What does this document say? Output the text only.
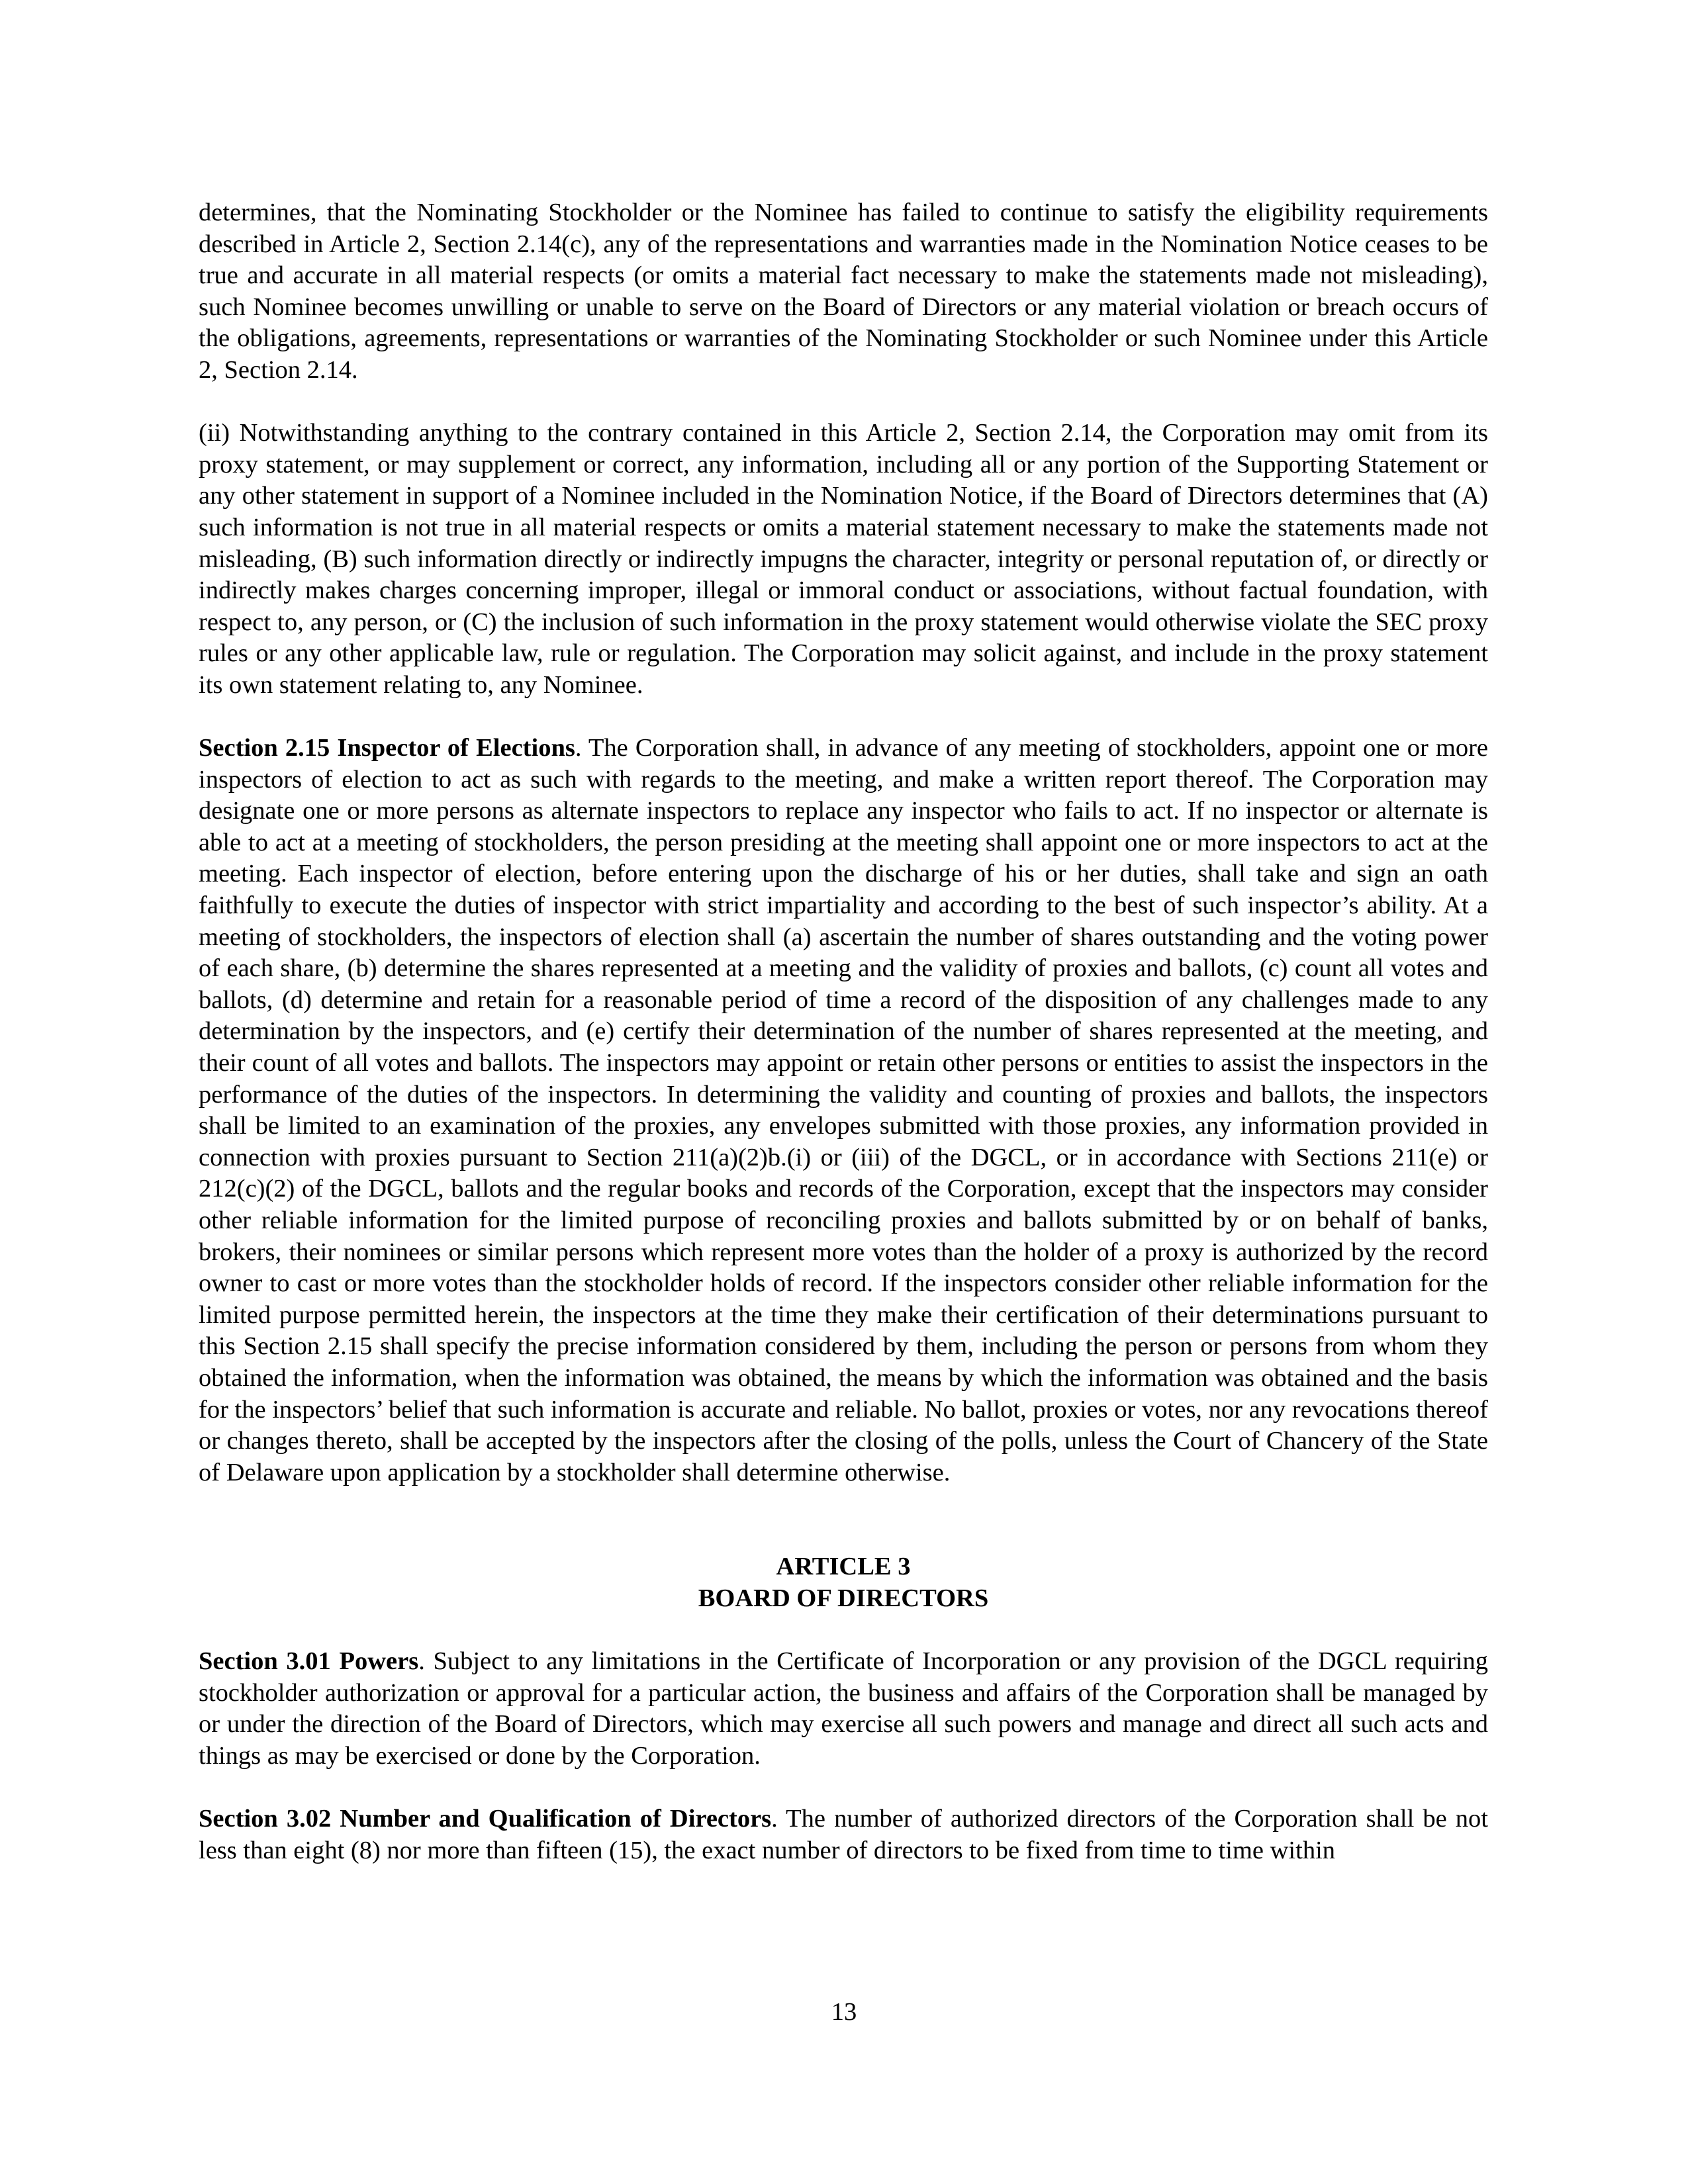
determines, that the Nominating Stockholder or the Nominee has failed to continue to satisfy the eligibility requirements described in Article 2, Section 2.14(c), any of the representations and warranties made in the Nomination Notice ceases to be true and accurate in all material respects (or omits a material fact necessary to make the statements made not misleading), such Nominee becomes unwilling or unable to serve on the Board of Directors or any material violation or breach occurs of the obligations, agreements, representations or warranties of the Nominating Stockholder or such Nominee under this Article 2, Section 2.14.

(ii) Notwithstanding anything to the contrary contained in this Article 2, Section 2.14, the Corporation may omit from its proxy statement, or may supplement or correct, any information, including all or any portion of the Supporting Statement or any other statement in support of a Nominee included in the Nomination Notice, if the Board of Directors determines that (A) such information is not true in all material respects or omits a material statement necessary to make the statements made not misleading, (B) such information directly or indirectly impugns the character, integrity or personal reputation of, or directly or indirectly makes charges concerning improper, illegal or immoral conduct or associations, without factual foundation, with respect to, any person, or (C) the inclusion of such information in the proxy statement would otherwise violate the SEC proxy rules or any other applicable law, rule or regulation. The Corporation may solicit against, and include in the proxy statement its own statement relating to, any Nominee.

Section 2.15 Inspector of Elections. The Corporation shall, in advance of any meeting of stockholders, appoint one or more inspectors of election to act as such with regards to the meeting, and make a written report thereof. The Corporation may designate one or more persons as alternate inspectors to replace any inspector who fails to act. If no inspector or alternate is able to act at a meeting of stockholders, the person presiding at the meeting shall appoint one or more inspectors to act at the meeting. Each inspector of election, before entering upon the discharge of his or her duties, shall take and sign an oath faithfully to execute the duties of inspector with strict impartiality and according to the best of such inspector’s ability. At a meeting of stockholders, the inspectors of election shall (a) ascertain the number of shares outstanding and the voting power of each share, (b) determine the shares represented at a meeting and the validity of proxies and ballots, (c) count all votes and ballots, (d) determine and retain for a reasonable period of time a record of the disposition of any challenges made to any determination by the inspectors, and (e) certify their determination of the number of shares represented at the meeting, and their count of all votes and ballots. The inspectors may appoint or retain other persons or entities to assist the inspectors in the performance of the duties of the inspectors. In determining the validity and counting of proxies and ballots, the inspectors shall be limited to an examination of the proxies, any envelopes submitted with those proxies, any information provided in connection with proxies pursuant to Section 211(a)(2)b.(i) or (iii) of the DGCL, or in accordance with Sections 211(e) or 212(c)(2) of the DGCL, ballots and the regular books and records of the Corporation, except that the inspectors may consider other reliable information for the limited purpose of reconciling proxies and ballots submitted by or on behalf of banks, brokers, their nominees or similar persons which represent more votes than the holder of a proxy is authorized by the record owner to cast or more votes than the stockholder holds of record. If the inspectors consider other reliable information for the limited purpose permitted herein, the inspectors at the time they make their certification of their determinations pursuant to this Section 2.15 shall specify the precise information considered by them, including the person or persons from whom they obtained the information, when the information was obtained, the means by which the information was obtained and the basis for the inspectors’ belief that such information is accurate and reliable. No ballot, proxies or votes, nor any revocations thereof or changes thereto, shall be accepted by the inspectors after the closing of the polls, unless the Court of Chancery of the State of Delaware upon application by a stockholder shall determine otherwise.

ARTICLE 3
BOARD OF DIRECTORS

Section 3.01 Powers. Subject to any limitations in the Certificate of Incorporation or any provision of the DGCL requiring stockholder authorization or approval for a particular action, the business and affairs of the Corporation shall be managed by or under the direction of the Board of Directors, which may exercise all such powers and manage and direct all such acts and things as may be exercised or done by the Corporation.

Section 3.02 Number and Qualification of Directors. The number of authorized directors of the Corporation shall be not less than eight (8) nor more than fifteen (15), the exact number of directors to be fixed from time to time within

13
